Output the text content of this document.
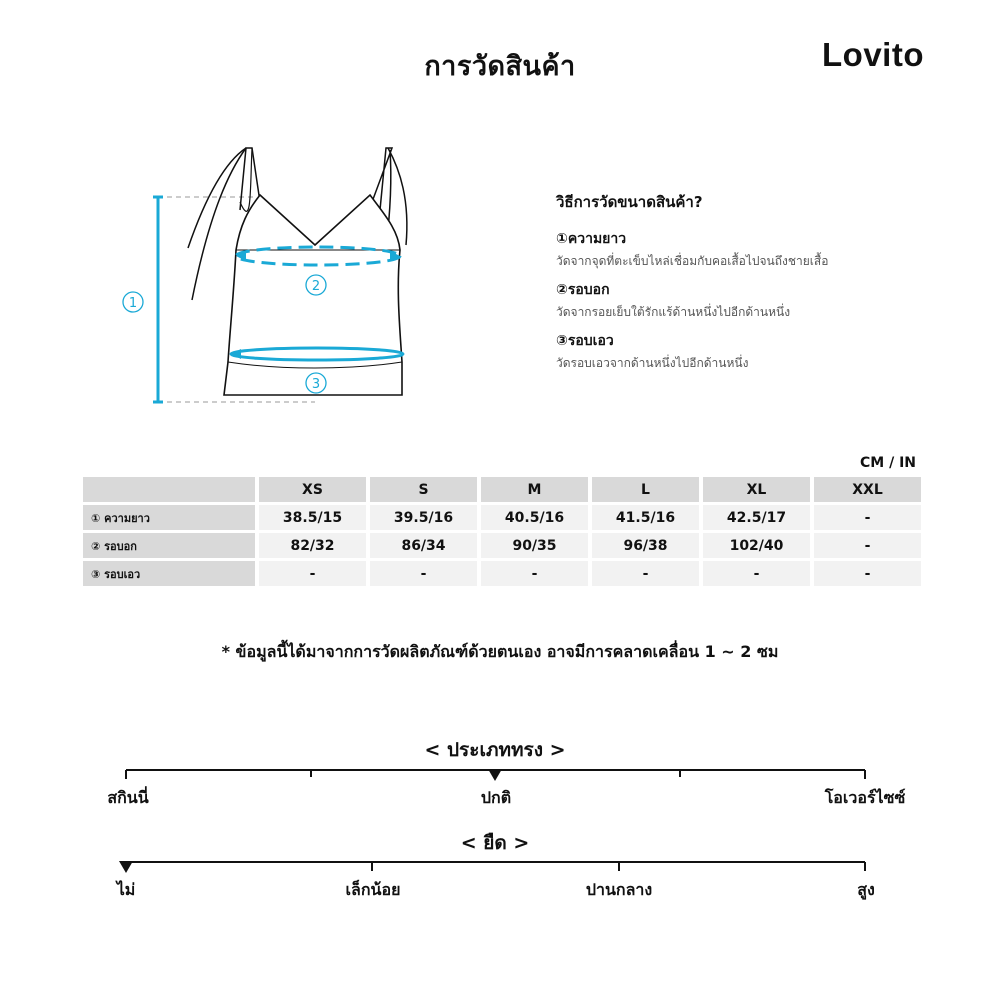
การวัดสินค้า	Lovito
1
2
3
วิธีการวัดขนาดสินค้า?
①ความยาว
วัดจากจุดที่ตะเข็บไหล่เชื่อมกับคอเสื้อไปจนถึงชายเสื้อ
②รอบอก
วัดจากรอยเย็บใต้รักแร้ด้านหนึ่งไปอีกด้านหนึ่ง
③รอบเอว
วัดรอบเอวจากด้านหนึ่งไปอีกด้านหนึ่ง
CM / IN
	XS	S	M	L	XL	XXL
① ความยาว	38.5/15	39.5/16	40.5/16	41.5/16	42.5/17	-
② รอบอก	82/32	86/34	90/35	96/38	102/40	-
③ รอบเอว	-	-	-	-	-	-
* ข้อมูลนี้ได้มาจากการวัดผลิตภัณฑ์ด้วยตนเอง อาจมีการคลาดเคลื่อน 1 ~ 2 ซม
< ประเภททรง >
สกินนี่	ปกติ	โอเวอร์ไซซ์
< ยืด >
ไม่	เล็กน้อย	ปานกลาง	สูง
